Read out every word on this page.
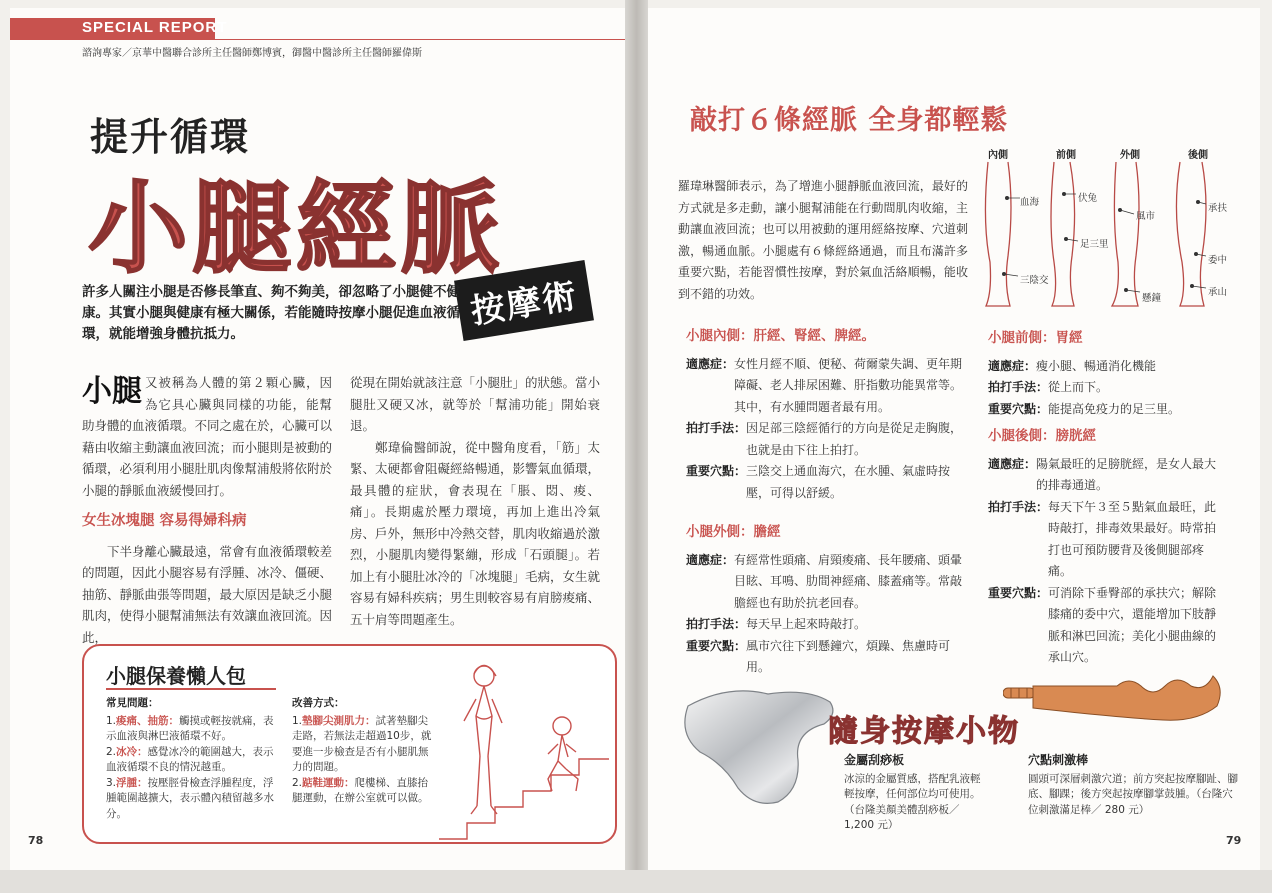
SPECIAL REPORT
諮詢專家／京華中醫聯合診所主任醫師鄭博賓，御醫中醫診所主任醫師羅偉斯
提升循環
小腿經脈
按摩術
許多人關注小腿是否修長筆直、夠不夠美，卻忽略了小腿健不健康。其實小腿與健康有極大關係，若能隨時按摩小腿促進血液循環，就能增強身體抗抵力。
小腿 又被稱為人體的第２顆心臟，因為它具心臟與同樣的功能，能幫助身體的血液循環。不同之處在於，心臟可以藉由收縮主動讓血液回流；而小腿則是被動的循環，必須利用小腿肚肌肉像幫浦般將依附於小腿的靜脈血液緩慢回打。
女生冰塊腿 容易得婦科病
下半身離心臟最遠，常會有血液循環較差的問題，因此小腿容易有浮腫、冰冷、僵硬、抽筋、靜脈曲張等問題，最大原因是缺乏小腿肌肉，使得小腿幫浦無法有效讓血液回流。因此，
從現在開始就該注意「小腿肚」的狀態。當小腿肚又硬又冰，就等於「幫浦功能」開始衰退。
鄭瑋倫醫師說，從中醫角度看，「筋」太緊、太硬都會阻礙經絡暢通，影響氣血循環，最具體的症狀，會表現在「脹、悶、痠、痛」。長期處於壓力環境，再加上進出冷氣房、戶外，無形中冷熱交替，肌肉收縮過於激烈，小腿肌肉變得緊繃，形成「石頭腿」。若加上有小腿肚冰冷的「冰塊腿」毛病，女生就容易有婦科疾病；男生則較容易有肩膀痠痛、五十肩等問題產生。
小腿保養懶人包
常見問題：
1.痠痛、抽筋：觸摸或輕按就痛，表示血液與淋巴液循環不好。
2.冰冷：感覺冰冷的範圍越大，表示血液循環不良的情況越重。
3.浮腫：按壓脛骨檢查浮腫程度，浮腫範圍越擴大，表示體內積留越多水分。
改善方式：
1.墊腳尖測肌力：試著墊腳尖走路，若無法走超過10步，就要進一步檢查是否有小腿肌無力的問題。
2.踮鞋運動：爬樓梯、直膝抬腿運動，在辦公室就可以做。
78
敲打６條經脈 全身都輕鬆
羅瑋琳醫師表示，為了增進小腿靜脈血液回流，最好的方式就是多走動，讓小腿幫浦能在行動間肌肉收縮，主動讓血液回流；也可以用被動的運用經絡按摩、穴道刺激，暢通血脈。小腿處有６條經絡通過，而且布滿許多重要穴點，若能習慣性按摩，對於氣血活絡順暢，能收到不錯的功效。
內側	前側	外側	後側
血海	伏兔
足三里
三陰交
風市
懸鐘
承扶
委中
承山
小腿內側：肝經、腎經、脾經。
適應症： 女性月經不順、便秘、荷爾蒙失調、更年期障礙、老人排尿困難、肝指數功能異常等。其中，有水腫問題者最有用。
拍打手法： 因足部三陰經循行的方向是從足走胸腹，也就是由下往上拍打。
重要穴點： 三陰交上通血海穴，在水腫、氣虛時按壓，可得以舒緩。
小腿外側：膽經
適應症： 有經常性頭痛、肩頸痠痛、長年腰痛、頭暈目眩、耳鳴、肋間神經痛、膝蓋痛等。常敲膽經也有助於抗老回春。
拍打手法： 每天早上起來時敲打。
重要穴點： 風市穴往下到懸鐘穴，煩躁、焦慮時可用。
小腿前側：胃經
適應症： 瘦小腿、暢通消化機能
拍打手法： 從上而下。
重要穴點： 能提高免疫力的足三里。
小腿後側：膀胱經
適應症： 陽氣最旺的足膀胱經，是女人最大的排毒通道。
拍打手法： 每天下午３至５點氣血最旺，此時敲打，排毒效果最好。時常拍打也可預防腰背及後側腿部疼痛。
重要穴點： 可消除下垂臀部的承扶穴；解除膝痛的委中穴，還能增加下肢靜脈和淋巴回流；美化小腿曲線的承山穴。
隨身按摩小物
金屬刮痧板
冰涼的金屬質感，搭配乳液輕輕按摩，任何部位均可使用。（台隆美顏美體刮痧板／ 1,200 元）
穴點刺激棒
圓頭可深層刺激穴道；前方突起按摩腳趾、腳底、腳踝；後方突起按摩腳掌鼓腫。（台隆穴位刺激滿足棒／ 280 元）
79
